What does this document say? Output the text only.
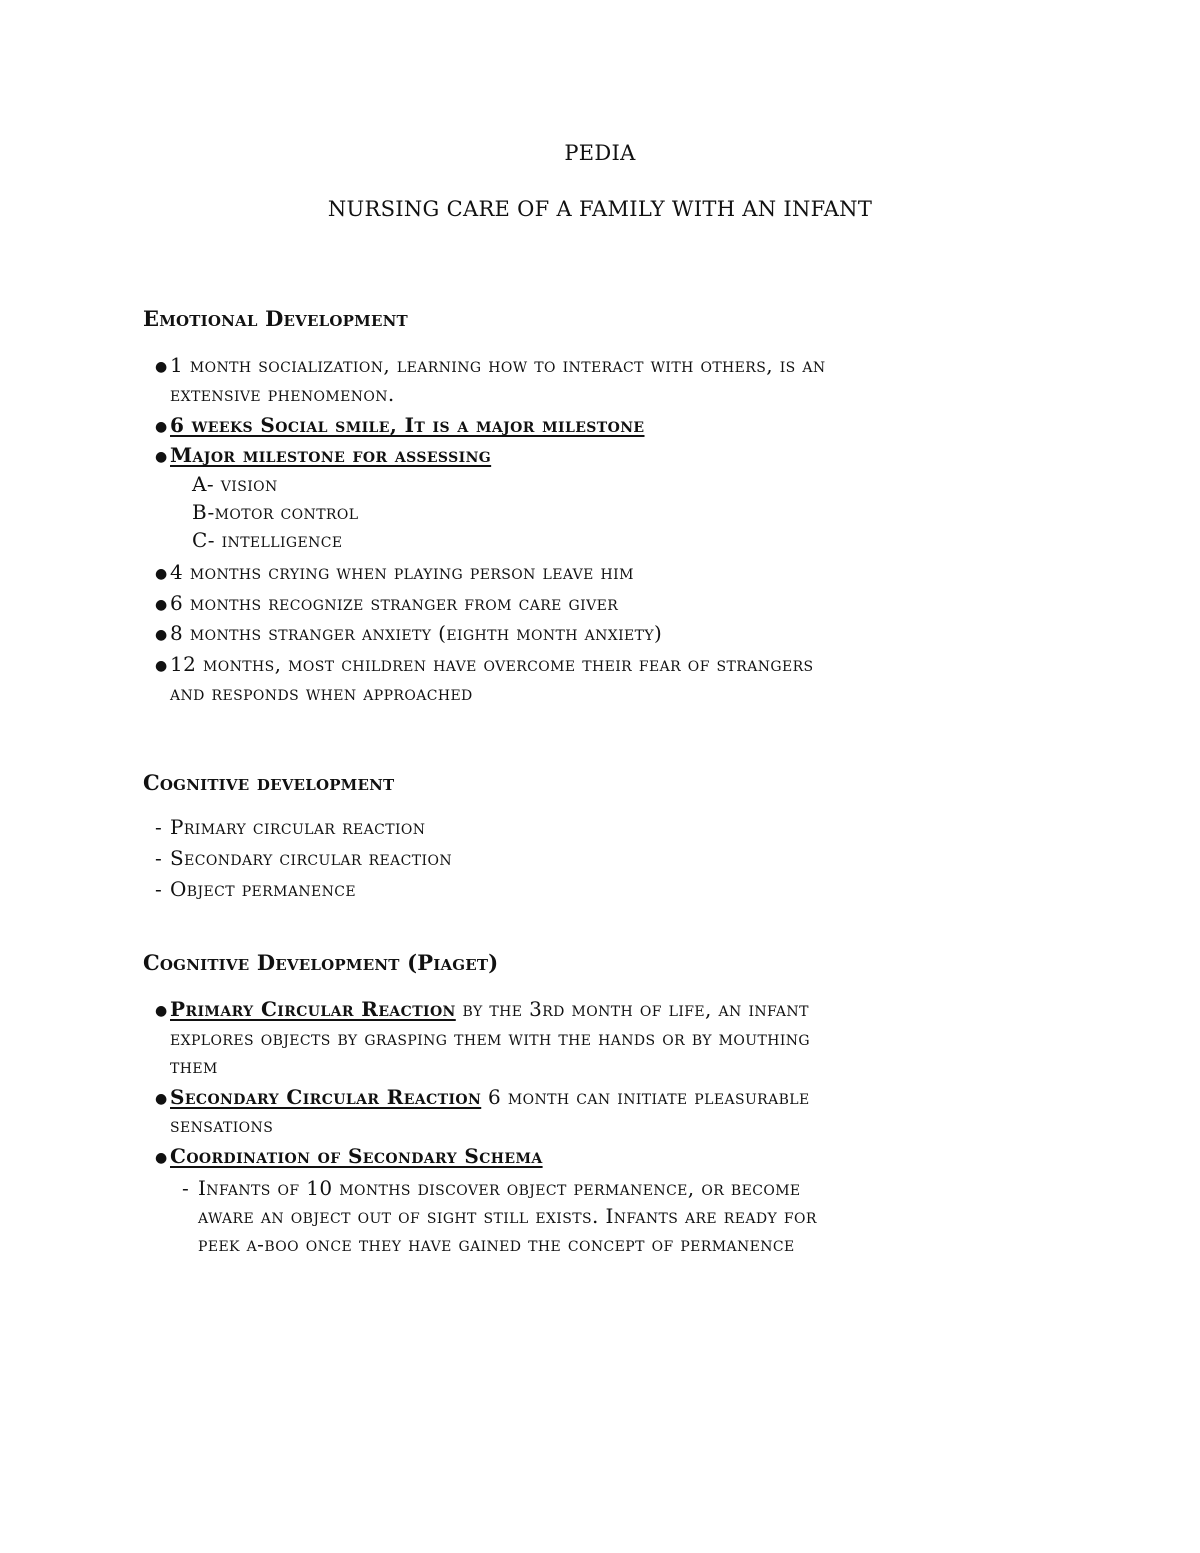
PEDIA
NURSING CARE OF A FAMILY WITH AN INFANT
Emotional Development
● 1 month socialization, learning how to interact with others, is an
extensive phenomenon.
● 6 weeks Social smile, It is a major milestone
● Major milestone for assessing
A- vision
B-motor control
C- intelligence
● 4 months crying when playing person leave him
● 6 months recognize stranger from care giver
● 8 months stranger anxiety (eighth month anxiety)
● 12 months, most children have overcome their fear of strangers
and responds when approached
Cognitive development
- Primary circular reaction
- Secondary circular reaction
- Object permanence
Cognitive Development (Piaget)
● Primary Circular Reaction by the 3rd month of life, an infant
explores objects by grasping them with the hands or by mouthing
them
● Secondary Circular Reaction 6 month can initiate pleasurable
sensations
● Coordination of Secondary Schema
- Infants of 10 months discover object permanence, or become
aware an object out of sight still exists. Infants are ready for
peek a-boo once they have gained the concept of permanence
